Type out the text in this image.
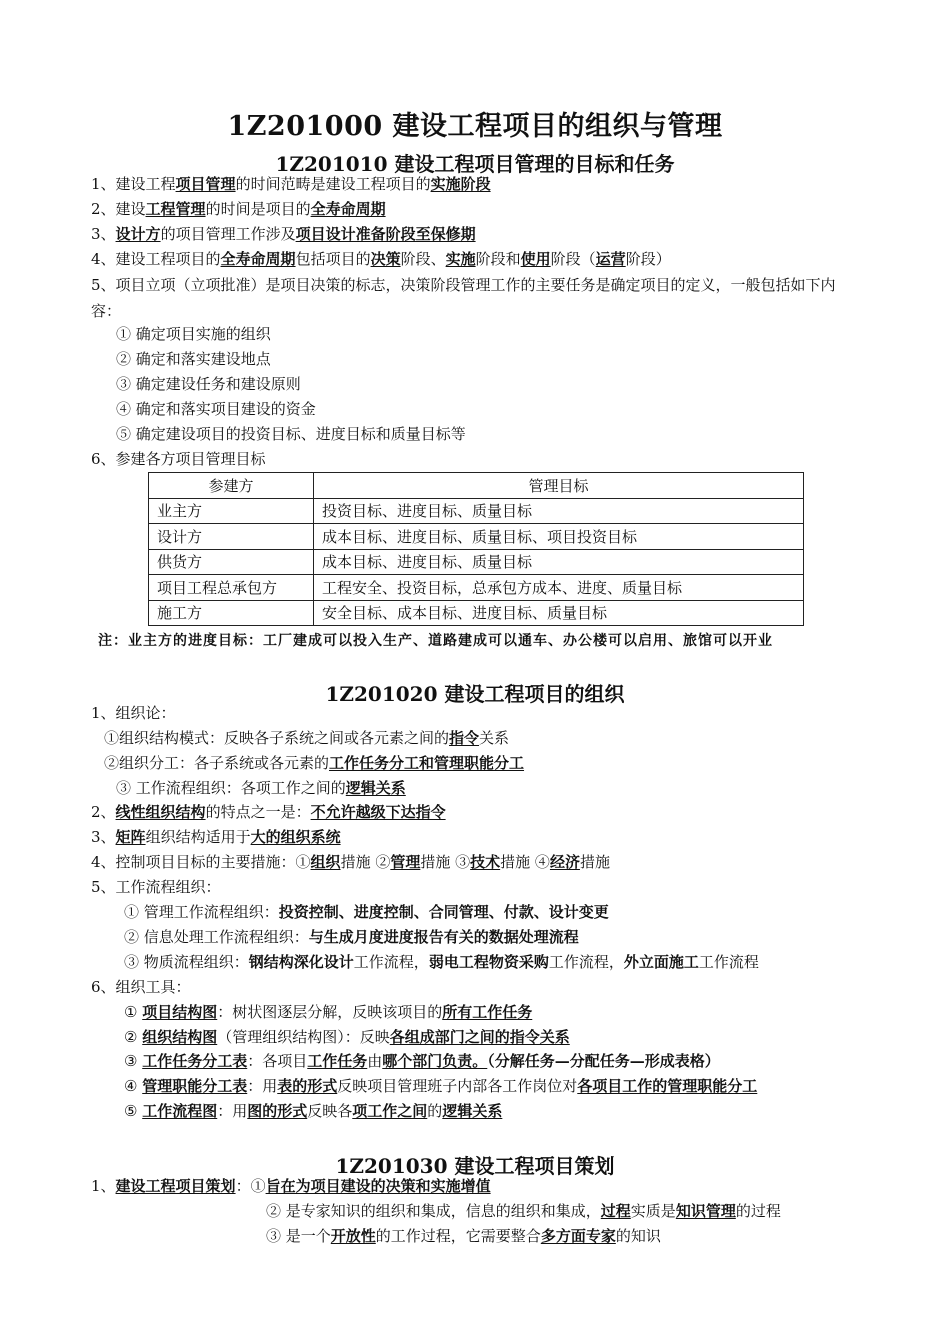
1Z201000 建设工程项目的组织与管理
1Z201010 建设工程项目管理的目标和任务
1、建设工程项目管理的时间范畴是建设工程项目的实施阶段
2、建设工程管理的时间是项目的全寿命周期
3、设计方的项目管理工作涉及项目设计准备阶段至保修期
4、建设工程项目的全寿命周期包括项目的决策阶段、实施阶段和使用阶段（运营阶段）
5、项目立项（立项批准）是项目决策的标志，决策阶段管理工作的主要任务是确定项目的定义，一般包括如下内容：
① 确定项目实施的组织
② 确定和落实建设地点
③ 确定建设任务和建设原则
④ 确定和落实项目建设的资金
⑤ 确定建设项目的投资目标、进度目标和质量目标等
6、参建各方项目管理目标
参建方	管理目标
业主方	投资目标、进度目标、质量目标
设计方	成本目标、进度目标、质量目标、项目投资目标
供货方	成本目标、进度目标、质量目标
项目工程总承包方	工程安全、投资目标，总承包方成本、进度、质量目标
施工方	安全目标、成本目标、进度目标、质量目标
注：业主方的进度目标：工厂建成可以投入生产、道路建成可以通车、办公楼可以启用、旅馆可以开业
1Z201020 建设工程项目的组织
1、组织论：
①组织结构模式：反映各子系统之间或各元素之间的指令关系
②组织分工：各子系统或各元素的工作任务分工和管理职能分工
③ 工作流程组织：各项工作之间的逻辑关系
2、线性组织结构的特点之一是：不允许越级下达指令
3、矩阵组织结构适用于大的组织系统
4、控制项目目标的主要措施：①组织措施 ②管理措施 ③技术措施 ④经济措施
5、工作流程组织：
① 管理工作流程组织：投资控制、进度控制、合同管理、付款、设计变更
② 信息处理工作流程组织：与生成月度进度报告有关的数据处理流程
③ 物质流程组织：钢结构深化设计工作流程，弱电工程物资采购工作流程，外立面施工工作流程
6、组织工具：
① 项目结构图：树状图逐层分解，反映该项目的所有工作任务
② 组织结构图（管理组织结构图）：反映各组成部门之间的指令关系
③ 工作任务分工表：各项目工作任务由哪个部门负责。（分解任务—分配任务—形成表格）
④ 管理职能分工表：用表的形式反映项目管理班子内部各工作岗位对各项目工作的管理职能分工
⑤ 工作流程图：用图的形式反映各项工作之间的逻辑关系
1Z201030 建设工程项目策划
1、建设工程项目策划：①旨在为项目建设的决策和实施增值
② 是专家知识的组织和集成，信息的组织和集成，过程实质是知识管理的过程
③ 是一个开放性的工作过程，它需要整合多方面专家的知识
